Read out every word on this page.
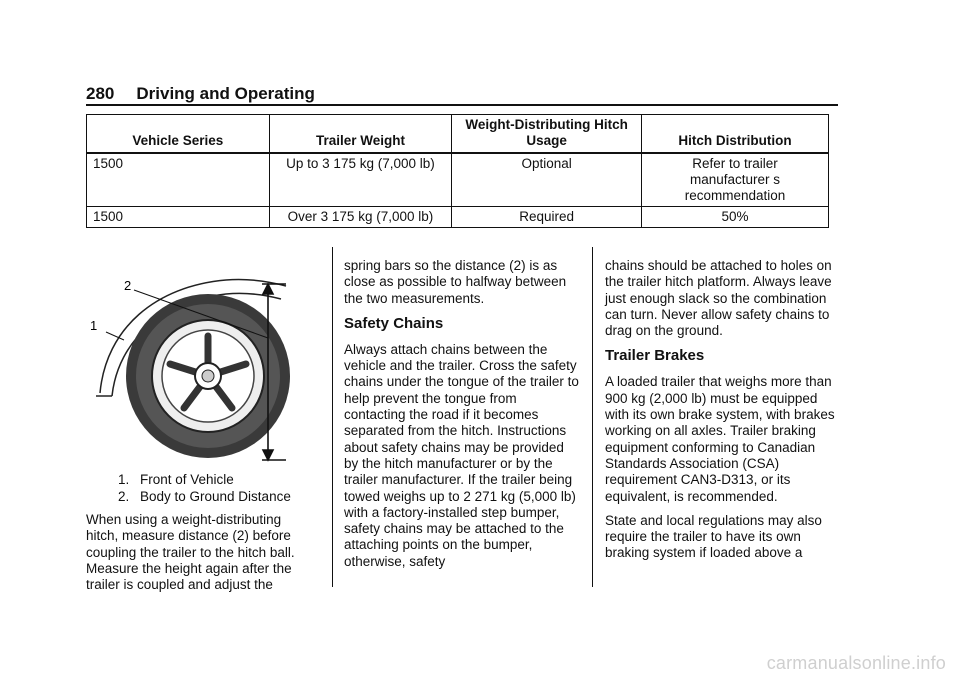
280 Driving and Operating
Vehicle Series	Trailer Weight	Weight-Distributing Hitch Usage	Hitch Distribution
1500	Up to 3 175 kg (7,000 lb)	Optional	Refer to trailer manufacturer s recommendation
1500	Over 3 175 kg (7,000 lb)	Required	50%
2
1
1. Front of Vehicle
2. Body to Ground Distance

When using a weight-distributing hitch, measure distance (2) before coupling the trailer to the hitch ball. Measure the height again after the trailer is coupled and adjust the

spring bars so the distance (2) is as close as possible to halfway between the two measurements.

Safety Chains

Always attach chains between the vehicle and the trailer. Cross the safety chains under the tongue of the trailer to help prevent the tongue from contacting the road if it becomes separated from the hitch. Instructions about safety chains may be provided by the hitch manufacturer or by the trailer manufacturer. If the trailer being towed weighs up to 2 271 kg (5,000 lb) with a factory-installed step bumper, safety chains may be attached to the attaching points on the bumper, otherwise, safety

chains should be attached to holes on the trailer hitch platform. Always leave just enough slack so the combination can turn. Never allow safety chains to drag on the ground.

Trailer Brakes

A loaded trailer that weighs more than 900 kg (2,000 lb) must be equipped with its own brake system, with brakes working on all axles. Trailer braking equipment conforming to Canadian Standards Association (CSA) requirement CAN3-D313, or its equivalent, is recommended.

State and local regulations may also require the trailer to have its own braking system if loaded above a

carmanualsonline.info
